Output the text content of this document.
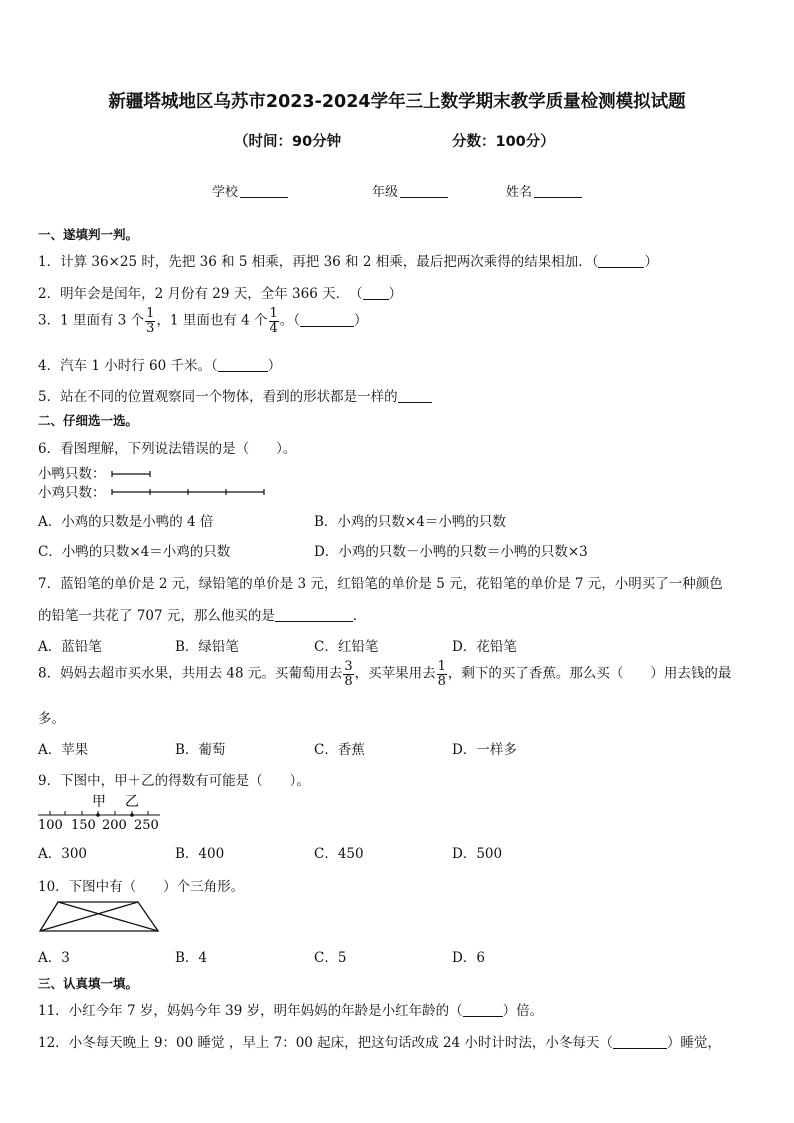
新疆塔城地区乌苏市2023-2024学年三上数学期末教学质量检测模拟试题
（时间：90分钟	分数：100分）
学校	年级	姓名
一、遂填判一判。
1．计算 36×25 时，先把 36 和 5 相乘，再把 36 和 2 相乘，最后把两次乘得的结果相加．（	）
2．明年会是闰年，2 月份有 29 天，全年 366 天．　（ ）
3．1 里面有 3 个 $\frac{1}{3}$ ，1 里面也有 4 个 $\frac{1}{4}$ 。（	）
4．汽车 1 小时行 60 千米。（	）
5．站在不同的位置观察同一个物体，看到的形状都是一样的
二、仔细选一选。
6．看图理解，下列说法错误的是（　　）。
小鸭只数：
小鸡只数：
A．小鸡的只数是小鸭的 4 倍	B．小鸡的只数×4＝小鸭的只数
C．小鸭的只数×4＝小鸡的只数	D．小鸡的只数－小鸭的只数＝小鸭的只数×3
7．蓝铅笔的单价是 2 元，绿铅笔的单价是 3 元，红铅笔的单价是 5 元，花铅笔的单价是 7 元，小明买了一种颜色
的铅笔一共花了 707 元，那么他买的是	．
A．蓝铅笔	B．绿铅笔	C．红铅笔	D．花铅笔
8．妈妈去超市买水果，共用去 48 元。买葡萄用去 $\frac{3}{8}$ ，买苹果用去 $\frac{1}{8}$ ，剩下的买了香蕉。那么买（　　）用去钱的最
多。
A．苹果	B．葡萄	C．香蕉	D．一样多
9．下图中，甲＋乙的得数有可能是（　　）。
甲 乙
100 150 200 250
A．300	B．400	C．450	D．500
10．下图中有（　　）个三角形。
A．3	B．4	C．5	D．6
三、认真填一填。
11．小红今年 7 岁，妈妈今年 39 岁，明年妈妈的年龄是小红年龄的（	）倍。
12．小冬每天晚上 9：00 睡觉 ，早上 7：00 起床，把这句话改成 24 小时计时法，小冬每天（	）睡觉，
